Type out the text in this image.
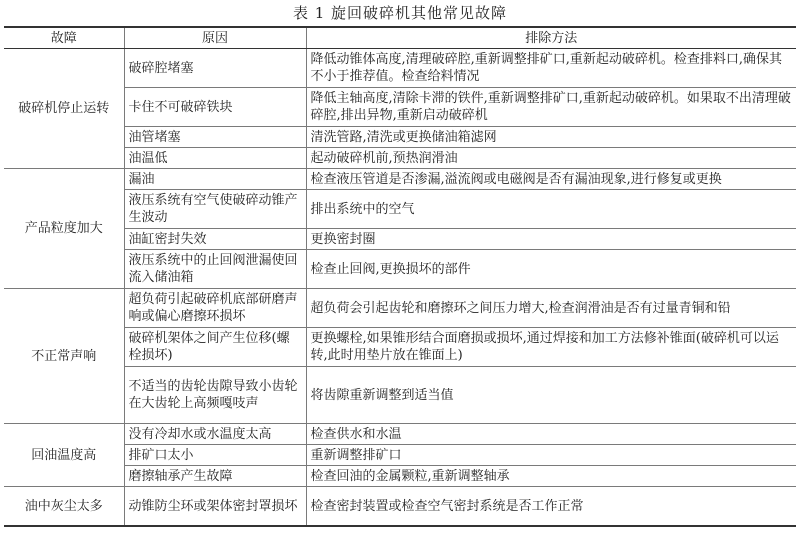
表 1 旋回破碎机其他常见故障
故障	原因	排除方法
破碎机停止运转	破碎腔堵塞	降低动锥体高度,清理破碎腔,重新调整排矿口,重新起动破碎机。检查排料口,确保其不小于推荐值。检查给料情况
	卡住不可破碎铁块	降低主轴高度,清除卡滞的铁件,重新调整排矿口,重新起动破碎机。如果取不出清理破碎腔,排出异物,重新启动破碎机
	油管堵塞	清洗管路,清洗或更换储油箱滤网
	油温低	起动破碎机前,预热润滑油
产品粒度加大	漏油	检查液压管道是否渗漏,溢流阀或电磁阀是否有漏油现象,进行修复或更换
	液压系统有空气使破碎动锥产生波动	排出系统中的空气
	油缸密封失效	更换密封圈
	液压系统中的止回阀泄漏使回流入储油箱	检查止回阀,更换损坏的部件
不正常声响	超负荷引起破碎机底部研磨声响或偏心磨擦环损坏	超负荷会引起齿轮和磨擦环之间压力增大,检查润滑油是否有过量青铜和铅
	破碎机架体之间产生位移(螺栓损坏)	更换螺栓,如果锥形结合面磨损或损坏,通过焊接和加工方法修补锥面(破碎机可以运转,此时用垫片放在锥面上)
	不适当的齿轮齿隙导致小齿轮在大齿轮上高频嘎吱声	将齿隙重新调整到适当值
回油温度高	没有冷却水或水温度太高	检查供水和水温
	排矿口太小	重新调整排矿口
	磨擦轴承产生故障	检查回油的金属颗粒,重新调整轴承
油中灰尘太多	动锥防尘环或架体密封罩损坏	检查密封装置或检查空气密封系统是否工作正常
